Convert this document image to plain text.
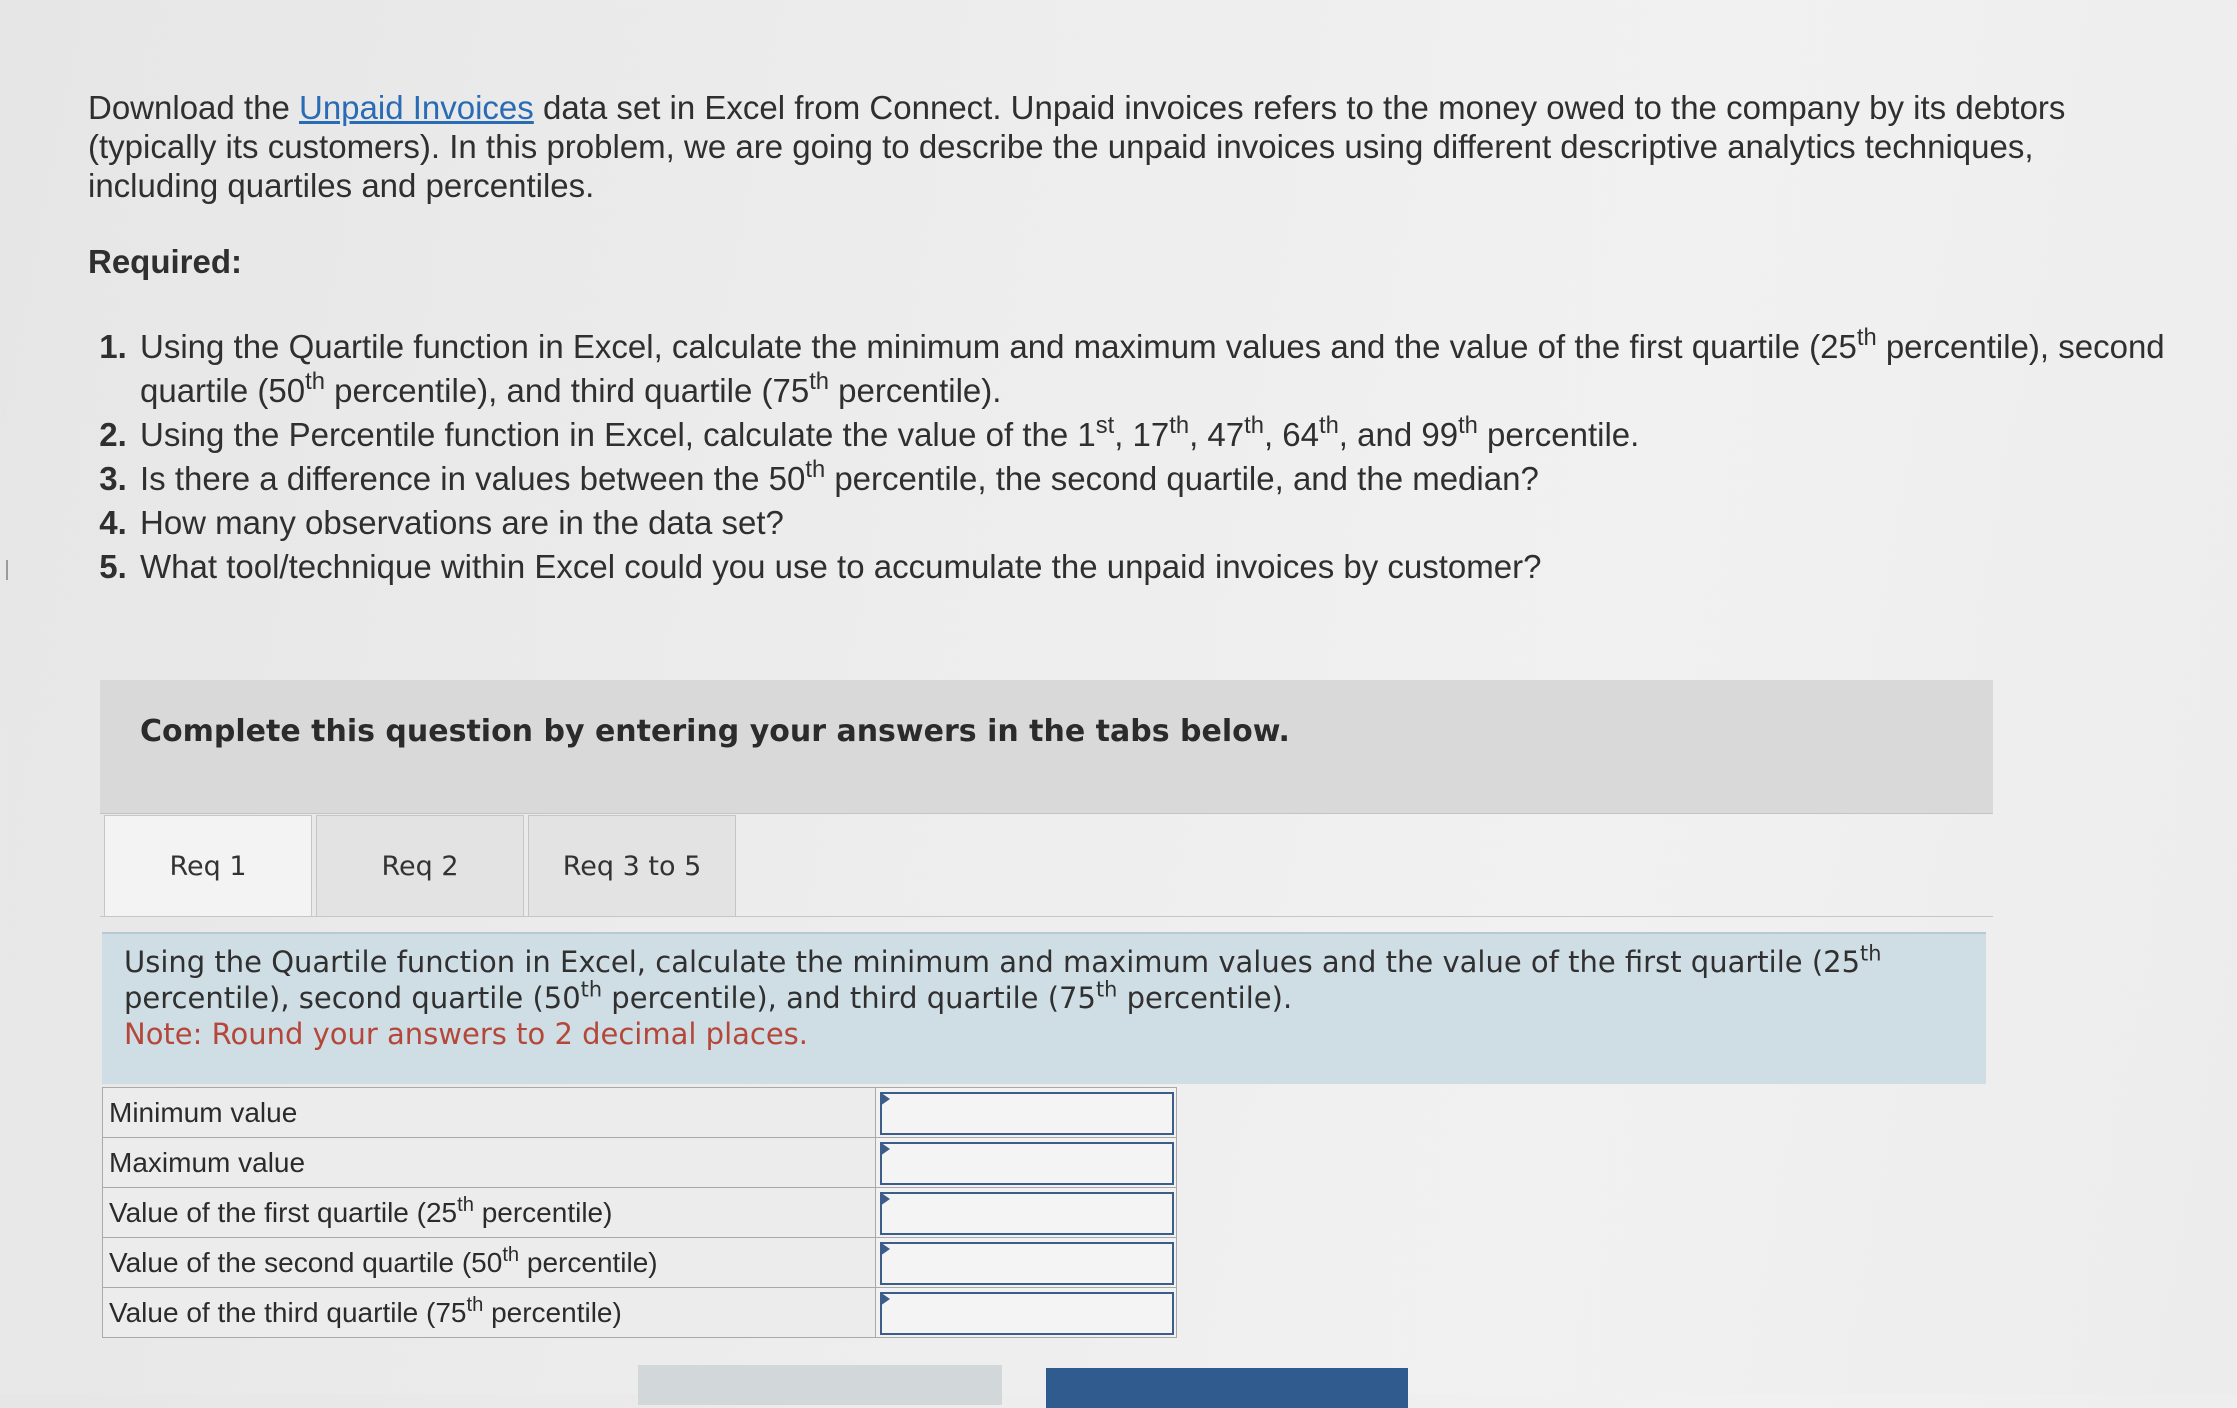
Download the Unpaid Invoices data set in Excel from Connect. Unpaid invoices refers to the money owed to the company by its debtors (typically its customers). In this problem, we are going to describe the unpaid invoices using different descriptive analytics techniques, including quartiles and percentiles.

Required:
1. Using the Quartile function in Excel, calculate the minimum and maximum values and the value of the first quartile (25th percentile), second quartile (50th percentile), and third quartile (75th percentile).
2. Using the Percentile function in Excel, calculate the value of the 1st, 17th, 47th, 64th, and 99th percentile.
3. Is there a difference in values between the 50th percentile, the second quartile, and the median?
4. How many observations are in the data set?
5. What tool/technique within Excel could you use to accumulate the unpaid invoices by customer?
Complete this question by entering your answers in the tabs below.
Req 1	Req 2	Req 3 to 5
Using the Quartile function in Excel, calculate the minimum and maximum values and the value of the first quartile (25th percentile), second quartile (50th percentile), and third quartile (75th percentile).
Note: Round your answers to 2 decimal places.
Minimum value	

Maximum value	

Value of the first quartile (25th percentile)	

Value of the second quartile (50th percentile)	

Value of the third quartile (75th percentile)	
